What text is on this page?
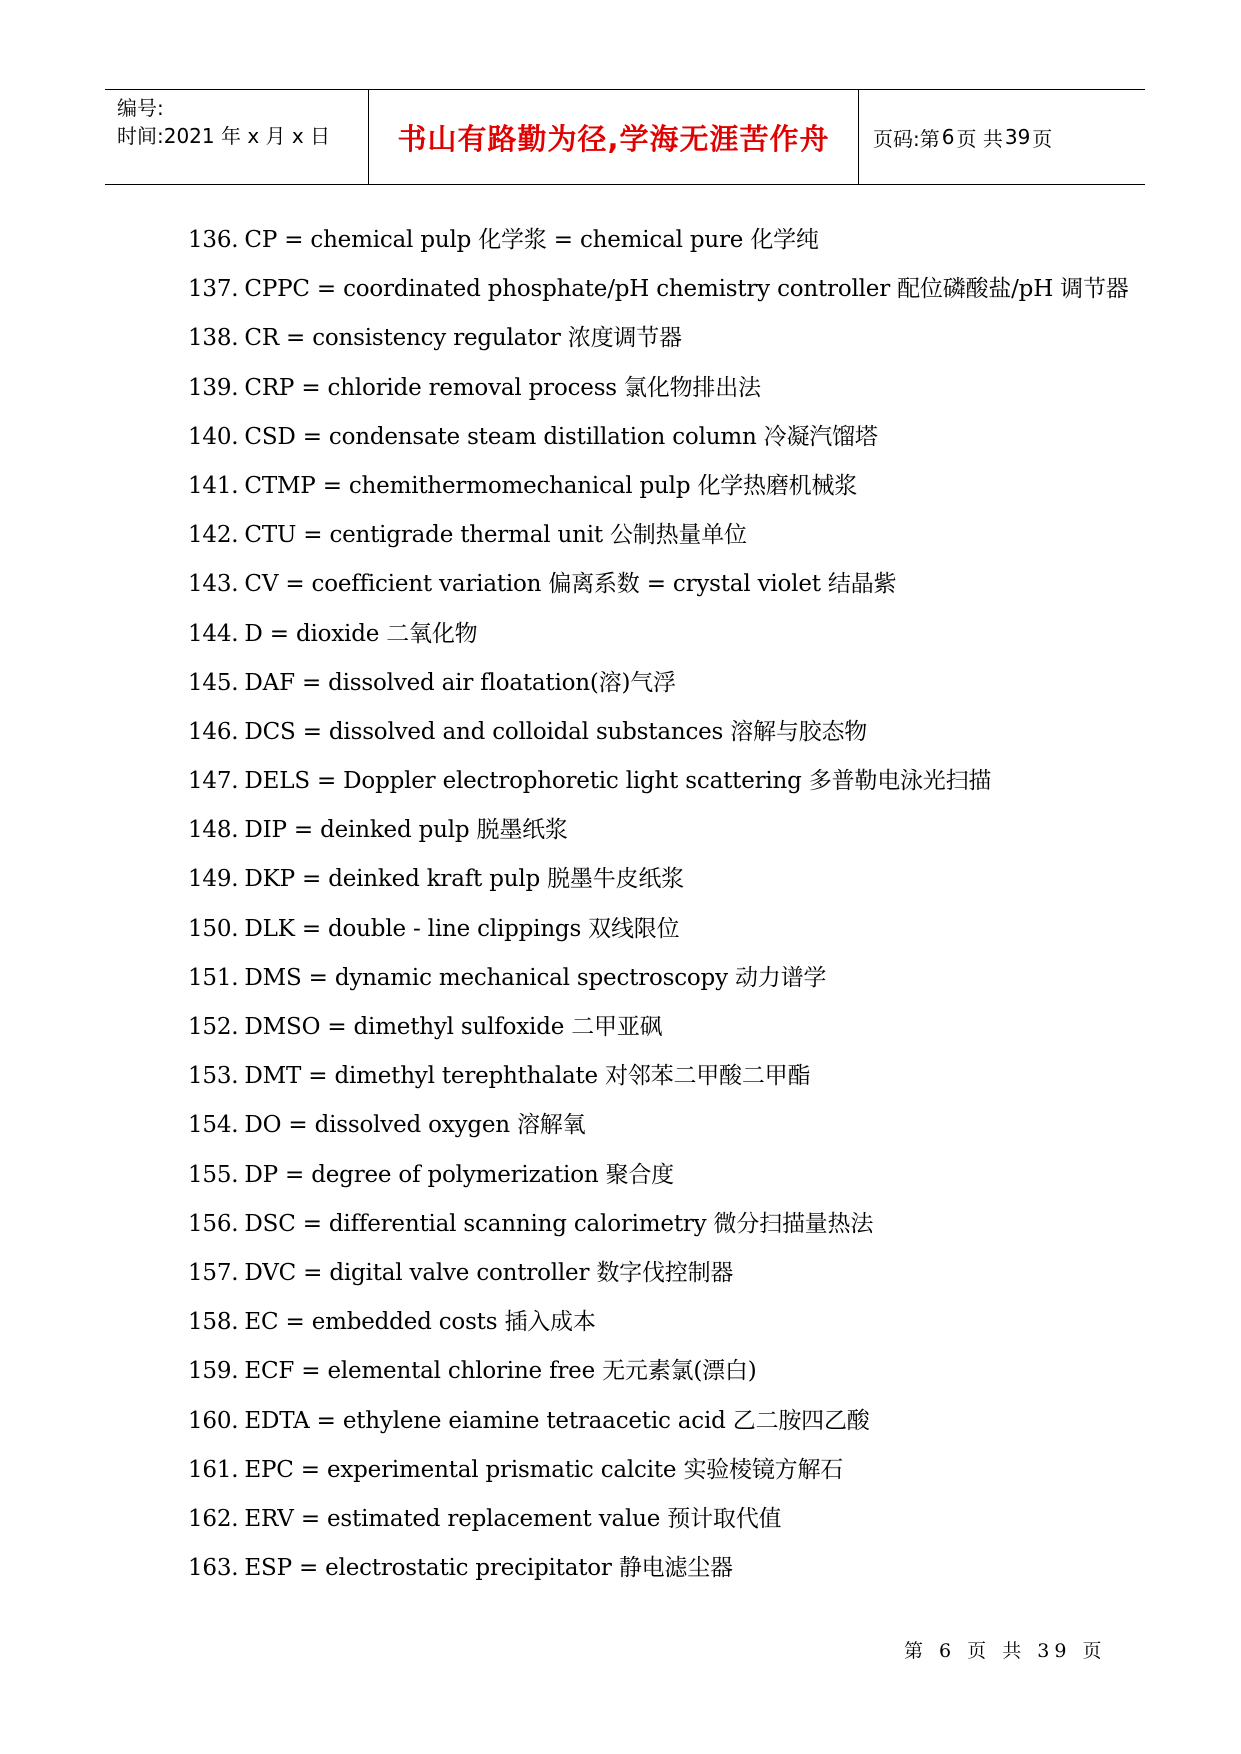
编号:
时间:2021 年 x 月 x 日	书山有路勤为径,学海无涯苦作舟	页码:第 6 页 共 39 页
136. CP = chemical pulp 化学浆 = chemical pure 化学纯
137. CPPC = coordinated phosphate/pH chemistry controller 配位磷酸盐/pH 调节器
138. CR = consistency regulator 浓度调节器
139. CRP = chloride removal process 氯化物排出法
140. CSD = condensate steam distillation column 冷凝汽馏塔
141. CTMP = chemithermomechanical pulp 化学热磨机械浆
142. CTU = centigrade thermal unit 公制热量单位
143. CV = coefficient variation 偏离系数 = crystal violet 结晶紫
144. D = dioxide 二氧化物
145. DAF = dissolved air floatation(溶)气浮
146. DCS = dissolved and colloidal substances 溶解与胶态物
147. DELS = Doppler electrophoretic light scattering 多普勒电泳光扫描
148. DIP = deinked pulp 脱墨纸浆
149. DKP = deinked kraft pulp 脱墨牛皮纸浆
150. DLK = double - line clippings 双线限位
151. DMS = dynamic mechanical spectroscopy 动力谱学
152. DMSO = dimethyl sulfoxide 二甲亚砜
153. DMT = dimethyl terephthalate 对邻苯二甲酸二甲酯
154. DO = dissolved oxygen 溶解氧
155. DP = degree of polymerization 聚合度
156. DSC = differential scanning calorimetry 微分扫描量热法
157. DVC = digital valve controller 数字伐控制器
158. EC = embedded costs 插入成本
159. ECF = elemental chlorine free 无元素氯(漂白)
160. EDTA = ethylene eiamine tetraacetic acid 乙二胺四乙酸
161. EPC = experimental prismatic calcite 实验棱镜方解石
162. ERV = estimated replacement value 预计取代值
163. ESP = electrostatic precipitator 静电滤尘器
第 6 页 共 39 页
